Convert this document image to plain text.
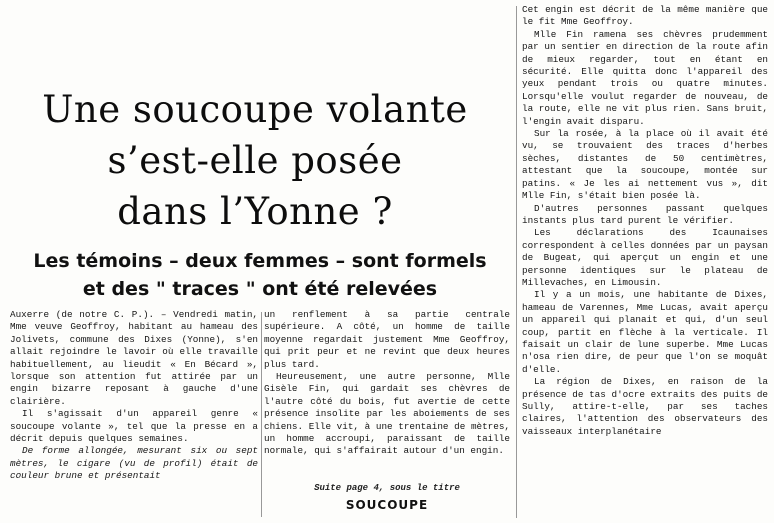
Une soucoupe volante
s’est-elle posée
dans l’Yonne ?
Les témoins – deux femmes – sont formels
et des " traces " ont été relevées

Auxerre (de notre C. P.). – Vendredi matin, Mme veuve Geoffroy, habitant au hameau des Jolivets, commune des Dixes (Yonne), s'en allait rejoindre le lavoir où elle travaille habituellement, au lieudit « En Bécard », lorsque son attention fut attirée par un engin bizarre reposant à gauche d'une clairière.

Il s'agissait d'un appareil genre « soucoupe volante », tel que la presse en a décrit depuis quelques semaines.

De forme allongée, mesurant six ou sept mètres, le cigare (vu de profil) était de couleur brune et présentait

un renflement à sa partie centrale supérieure. A côté, un homme de taille moyenne regardait justement Mme Geoffroy, qui prit peur et ne revint que deux heures plus tard.

Heureusement, une autre personne, Mlle Gisèle Fin, qui gardait ses chèvres de l'autre côté du bois, fut avertie de cette présence insolite par les aboiements de ses chiens. Elle vit, à une trentaine de mètres, un homme accroupi, paraissant de taille normale, qui s'affairait autour d'un engin.

Suite page 4, sous le titre
SOUCOUPE

Cet engin est décrit de la même manière que le fit Mme Geoffroy.

Mlle Fin ramena ses chèvres prudemment par un sentier en direction de la route afin de mieux regarder, tout en étant en sécurité. Elle quitta donc l'appareil des yeux pendant trois ou quatre minutes. Lorsqu'elle voulut regarder de nouveau, de la route, elle ne vit plus rien. Sans bruit, l'engin avait disparu.

Sur la rosée, à la place où il avait été vu, se trouvaient des traces d'herbes sèches, distantes de 50 centimètres, attestant que la soucoupe, montée sur patins. « Je les ai nettement vus », dit Mlle Fin, s'était bien posée là.

D'autres personnes passant quelques instants plus tard purent le vérifier.

Les déclarations des Icaunaises correspondent à celles données par un paysan de Bugeat, qui aperçut un engin et une personne identiques sur le plateau de Millevaches, en Limousin.

Il y a un mois, une habitante de Dixes, hameau de Varennes, Mme Lucas, avait aperçu un appareil qui planait et qui, d'un seul coup, partit en flèche à la verticale. Il faisait un clair de lune superbe. Mme Lucas n'osa rien dire, de peur que l'on se moquât d'elle.

La région de Dixes, en raison de la présence de tas d'ocre extraits des puits de Sully, attire-t-elle, par ses taches claires, l'attention des observateurs des vaisseaux interplanétaire
